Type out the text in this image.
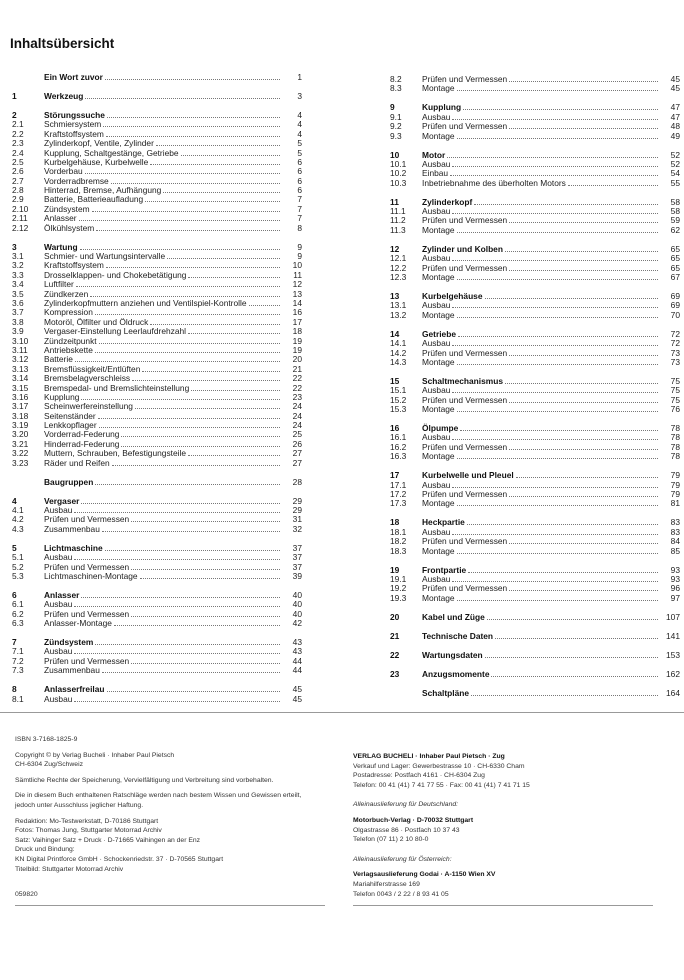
Inhaltsübersicht
Ein Wort zuvor	1
1	Werkzeug	3
2	Störungssuche	4
2.1	Schmiersystem	4
2.2	Kraftstoffsystem	4
2.3	Zylinderkopf, Ventile, Zylinder	5
2.4	Kupplung, Schaltgestänge, Getriebe	5
2.5	Kurbelgehäuse, Kurbelwelle	6
2.6	Vorderbau	6
2.7	Vorderradbremse	6
2.8	Hinterrad, Bremse, Aufhängung	6
2.9	Batterie, Batterieaufladung	7
2.10	Zündsystem	7
2.11	Anlasser	7
2.12	Ölkühlsystem	8
3	Wartung	9
3.1	Schmier- und Wartungsintervalle	9
3.2	Kraftstoffsystem	10
3.3	Drosselklappen- und Chokebetätigung	11
3.4	Luftfilter	12
3.5	Zündkerzen	13
3.6	Zylinderkopfmuttern anziehen und Ventilspiel-Kontrolle	14
3.7	Kompression	16
3.8	Motoröl, Ölfilter und Öldruck	17
3.9	Vergaser-Einstellung Leerlaufdrehzahl	18
3.10	Zündzeitpunkt	19
3.11	Antriebskette	19
3.12	Batterie	20
3.13	Bremsflüssigkeit/Entlüften	21
3.14	Bremsbelagverschleiss	22
3.15	Bremspedal- und Bremslichteinstellung	22
3.16	Kupplung	23
3.17	Scheinwerfereinstellung	24
3.18	Seitenständer	24
3.19	Lenkkopflager	24
3.20	Vorderrad-Federung	25
3.21	Hinderrad-Federung	26
3.22	Muttern, Schrauben, Befestigungsteile	27
3.23	Räder und Reifen	27
Baugruppen	28
4	Vergaser	29
4.1	Ausbau	29
4.2	Prüfen und Vermessen	31
4.3	Zusammenbau	32
5	Lichtmaschine	37
5.1	Ausbau	37
5.2	Prüfen und Vermessen	37
5.3	Lichtmaschinen-Montage	39
6	Anlasser	40
6.1	Ausbau	40
6.2	Prüfen und Vermessen	40
6.3	Anlasser-Montage	42
7	Zündsystem	43
7.1	Ausbau	43
7.2	Prüfen und Vermessen	44
7.3	Zusammenbau	44
8	Anlasserfreilau	45
8.1	Ausbau	45
8.2	Prüfen und Vermessen	45
8.3	Montage	45
9	Kupplung	47
9.1	Ausbau	47
9.2	Prüfen und Vermessen	48
9.3	Montage	49
10	Motor	52
10.1	Ausbau	52
10.2	Einbau	54
10.3	Inbetriebnahme des überholten Motors	55
11	Zylinderkopf	58
11.1	Ausbau	58
11.2	Prüfen und Vermessen	59
11.3	Montage	62
12	Zylinder und Kolben	65
12.1	Ausbau	65
12.2	Prüfen und Vermessen	65
12.3	Montage	67
13	Kurbelgehäuse	69
13.1	Ausbau	69
13.2	Montage	70
14	Getriebe	72
14.1	Ausbau	72
14.2	Prüfen und Vermessen	73
14.3	Montage	73
15	Schaltmechanismus	75
15.1	Ausbau	75
15.2	Prüfen und Vermessen	75
15.3	Montage	76
16	Ölpumpe	78
16.1	Ausbau	78
16.2	Prüfen und Vermessen	78
16.3	Montage	78
17	Kurbelwelle und Pleuel	79
17.1	Ausbau	79
17.2	Prüfen und Vermessen	79
17.3	Montage	81
18	Heckpartie	83
18.1	Ausbau	83
18.2	Prüfen und Vermessen	84
18.3	Montage	85
19	Frontpartie	93
19.1	Ausbau	93
19.2	Prüfen und Vermessen	96
19.3	Montage	97
20	Kabel und Züge	107
21	Technische Daten	141
22	Wartungsdaten	153
23	Anzugsmomente	162
Schaltpläne	164
ISBN 3-7168-1825-9
Copyright © by Verlag Bucheli · Inhaber Paul Pietsch
CH-6304 Zug/Schweiz
Sämtliche Rechte der Speicherung, Vervielfältigung und Verbreitung sind vorbehalten.
Die in diesem Buch enthaltenen Ratschläge werden nach bestem Wissen und Gewissen erteilt,
jedoch unter Ausschluss jeglicher Haftung.
Redaktion: Mo-Testwerkstatt, D-70186 Stuttgart
Fotos: Thomas Jung, Stuttgarter Motorrad Archiv
Satz: Vaihinger Satz + Druck · D-71665 Vaihingen an der Enz
Druck und Bindung:
KN Digital Printforce GmbH · Schockenriedstr. 37 · D-70565 Stuttgart
Titelbild: Stuttgarter Motorrad Archiv
059820
VERLAG BUCHELI · Inhaber Paul Pietsch · Zug
Verkauf und Lager: Gewerbestrasse 10 · CH-6330 Cham
Postadresse: Postfach 4161 · CH-6304 Zug
Telefon: 00 41 (41) 7 41 77 55 · Fax: 00 41 (41) 7 41 71 15
Alleinauslieferung für Deutschland:
Motorbuch-Verlag · D-70032 Stuttgart
Olgastrasse 86 · Postfach 10 37 43
Telefon (07 11) 2 10 80-0
Alleinauslieferung für Österreich:
Verlagsauslieferung Godai · A-1150 Wien XV
Mariahilferstrasse 169
Telefon 0043 / 2 22 / 8 93 41 05
